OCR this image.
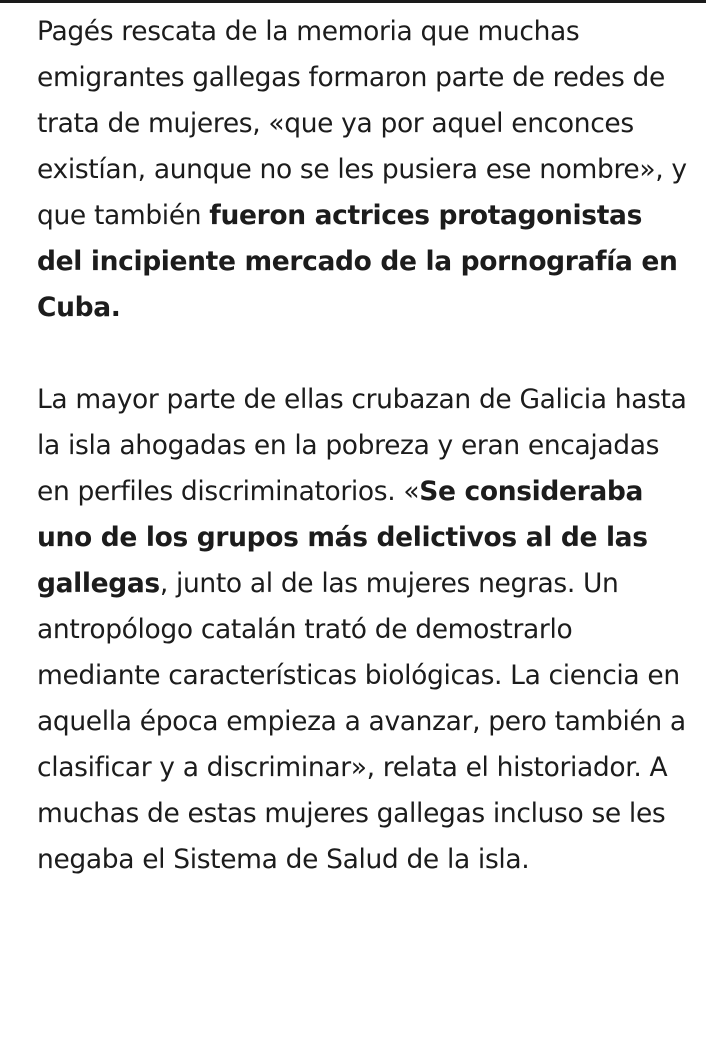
Pagés rescata de la memoria que muchas emigrantes gallegas formaron parte de redes de trata de mujeres, «que ya por aquel enconces existían, aunque no se les pusiera ese nombre», y que también fueron actrices protagonistas del incipiente mercado de la pornografía en Cuba.

La mayor parte de ellas crubazan de Galicia hasta la isla ahogadas en la pobreza y eran encajadas en perfiles discriminatorios. «Se consideraba uno de los grupos más delictivos al de las gallegas, junto al de las mujeres negras. Un antropólogo catalán trató de demostrarlo mediante características biológicas. La ciencia en aquella época empieza a avanzar, pero también a clasificar y a discriminar», relata el historiador. A muchas de estas mujeres gallegas incluso se les negaba el Sistema de Salud de la isla.
